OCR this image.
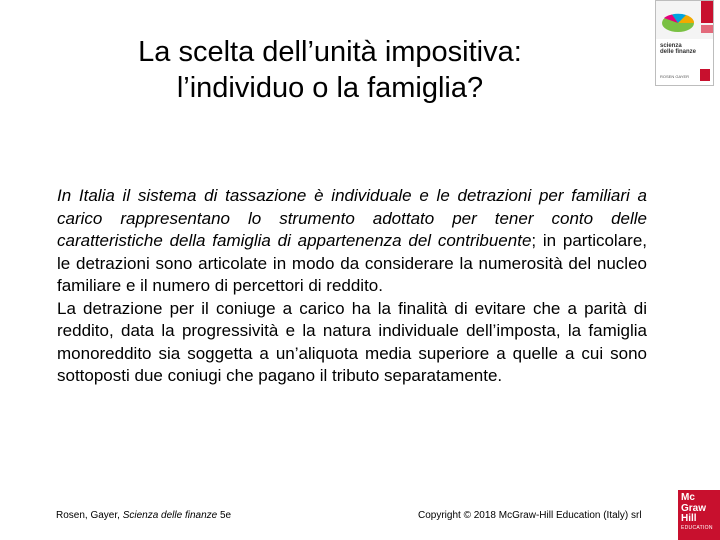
La scelta dell’unità impositiva:
l’individuo o la famiglia?
scienza
delle finanze
ROSEN GAYER

In Italia il sistema di tassazione è individuale e le detrazioni per familiari a carico rappresentano lo strumento adottato per tener conto delle caratteristiche della famiglia di appartenenza del contribuente; in particolare, le detrazioni sono articolate in modo da considerare la numerosità del nucleo familiare e il numero di percettori di reddito.

La detrazione per il coniuge a carico ha la finalità di evitare che a parità di reddito, data la progressività e la natura individuale dell’imposta, la famiglia monoreddito sia soggetta a un’aliquota media superiore a quelle a cui sono sottoposti due coniugi che pagano il tributo separatamente.

Rosen, Gayer, Scienza delle finanze 5e	Copyright © 2018 McGraw-Hill Education (Italy) srl
Mc
Graw
Hill
EDUCATION
